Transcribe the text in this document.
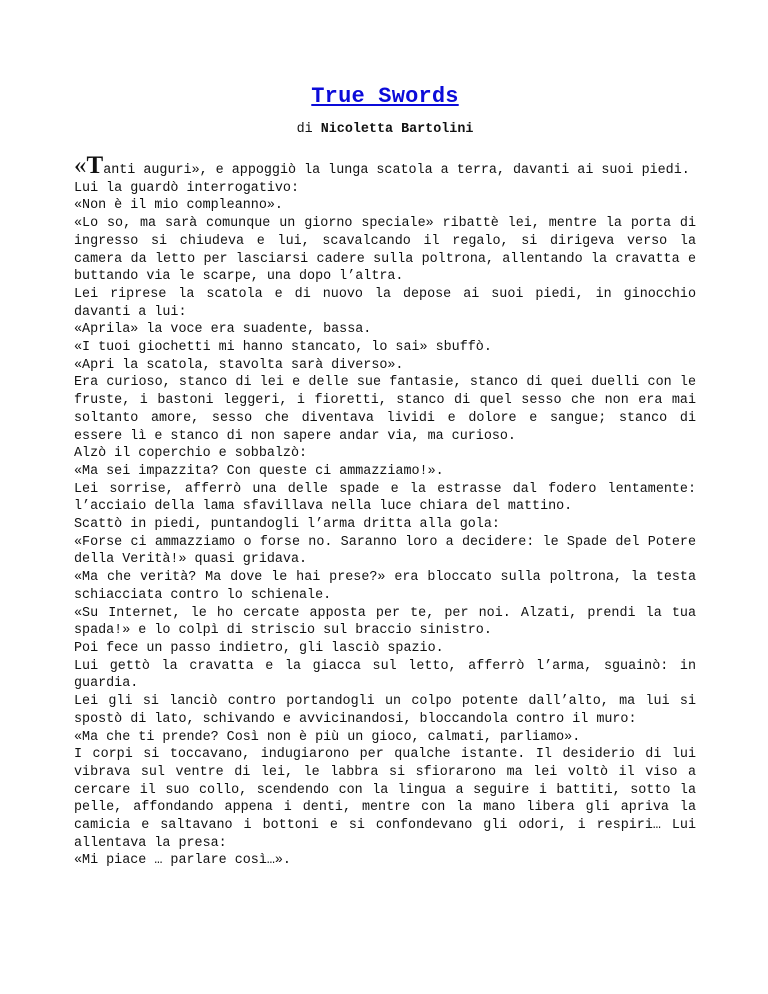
True Swords
di Nicoletta Bartolini

«Tanti auguri», e appoggiò la lunga scatola a terra, davanti ai suoi piedi.

Lui la guardò interrogativo:

«Non è il mio compleanno».

«Lo so, ma sarà comunque un giorno speciale» ribattè lei, mentre la porta di ingresso si chiudeva e lui, scavalcando il regalo, si dirigeva verso la camera da letto per lasciarsi cadere sulla poltrona, allentando la cravatta e buttando via le scarpe, una dopo l’altra.

Lei riprese la scatola e di nuovo la depose ai suoi piedi, in ginocchio davanti a lui:

«Aprila» la voce era suadente, bassa.

«I tuoi giochetti mi hanno stancato, lo sai» sbuffò.

«Apri la scatola, stavolta sarà diverso».

Era curioso, stanco di lei e delle sue fantasie, stanco di quei duelli con le fruste, i bastoni leggeri, i fioretti, stanco di quel sesso che non era mai soltanto amore, sesso che diventava lividi e dolore e sangue; stanco di essere lì e stanco di non sapere andar via, ma curioso.

Alzò il coperchio e sobbalzò:

«Ma sei impazzita? Con queste ci ammazziamo!».

Lei sorrise, afferrò una delle spade e la estrasse dal fodero lentamente: l’acciaio della lama sfavillava nella luce chiara del mattino.

Scattò in piedi, puntandogli l’arma dritta alla gola:

«Forse ci ammazziamo o forse no. Saranno loro a decidere: le Spade del Potere della Verità!» quasi gridava.

«Ma che verità? Ma dove le hai prese?» era bloccato sulla poltrona, la testa schiacciata contro lo schienale.

«Su Internet, le ho cercate apposta per te, per noi. Alzati, prendi la tua spada!» e lo colpì di striscio sul braccio sinistro.

Poi fece un passo indietro, gli lasciò spazio.

Lui gettò la cravatta e la giacca sul letto, afferrò l’arma, sguainò: in guardia.

Lei gli si lanciò contro portandogli un colpo potente dall’alto, ma lui si spostò di lato, schivando e avvicinandosi, bloccandola contro il muro:

«Ma che ti prende? Così non è più un gioco, calmati, parliamo».

I corpi si toccavano, indugiarono per qualche istante. Il desiderio di lui vibrava sul ventre di lei, le labbra si sfiorarono ma lei voltò il viso a cercare il suo collo, scendendo con la lingua a seguire i battiti, sotto la pelle, affondando appena i denti, mentre con la mano libera gli apriva la camicia e saltavano i bottoni e si confondevano gli odori, i respiri… Lui allentava la presa:

«Mi piace … parlare così…».
